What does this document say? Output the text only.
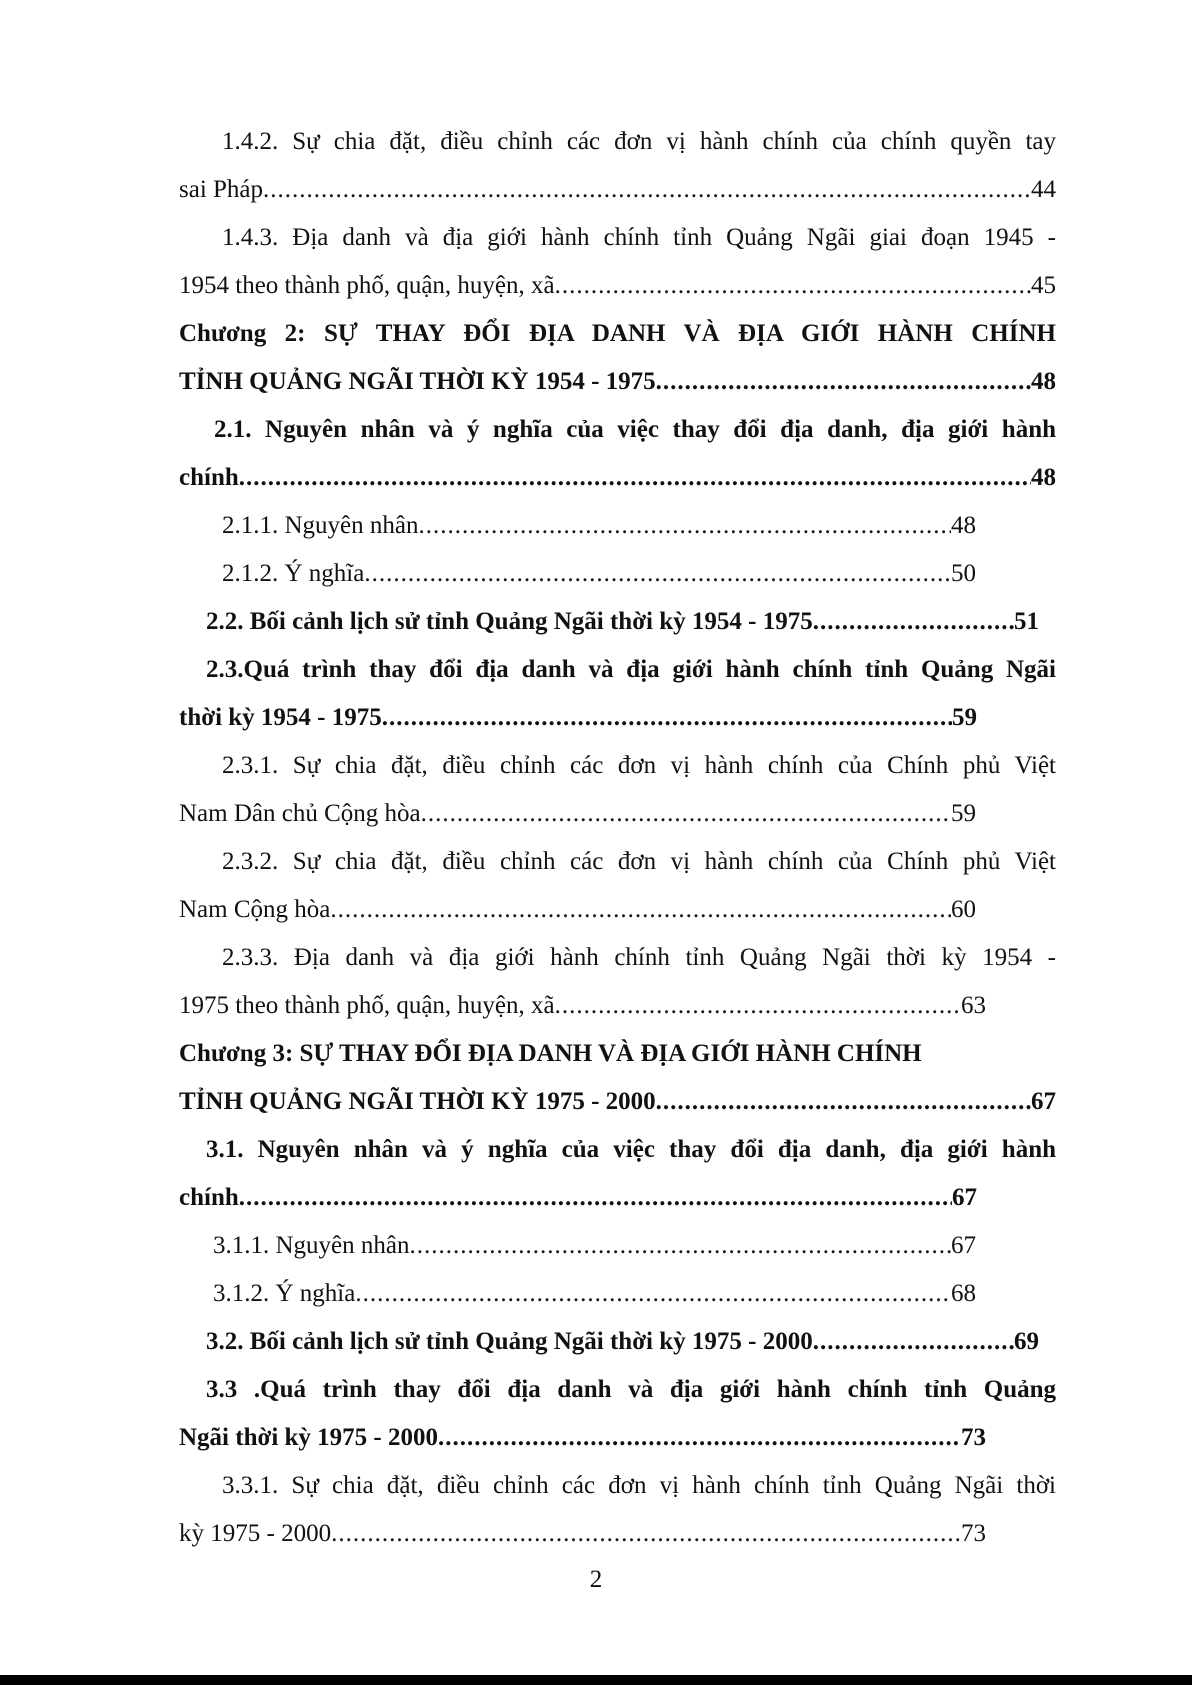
1.4.2. Sự chia đặt, điều chỉnh các đơn vị hành chính của chính quyền tay
sai Pháp .....	44
1.4.3. Địa danh và địa giới hành chính tỉnh Quảng Ngãi giai đoạn 1945 -
1954 theo thành phố, quận, huyện, xã .....	45
Chương 2: SỰ THAY ĐỔI ĐỊA DANH VÀ ĐỊA GIỚI HÀNH CHÍNH
TỈNH QUẢNG NGÃI THỜI KỲ 1954 - 1975 .....	48
2.1. Nguyên nhân và ý nghĩa của việc thay đổi địa danh, địa giới hành
chính .....	48
2.1.1. Nguyên nhân .....	48
2.1.2. Ý nghĩa .....	50
2.2. Bối cảnh lịch sử tỉnh Quảng Ngãi thời kỳ 1954 - 1975 .....	51
2.3.Quá trình thay đổi địa danh và địa giới hành chính tỉnh Quảng Ngãi
thời kỳ 1954 - 1975 .....	59
2.3.1. Sự chia đặt, điều chỉnh các đơn vị hành chính của Chính phủ Việt
Nam Dân chủ Cộng hòa .....	59
2.3.2. Sự chia đặt, điều chỉnh các đơn vị hành chính của Chính phủ Việt
Nam Cộng hòa .....	60
2.3.3. Địa danh và địa giới hành chính tỉnh Quảng Ngãi thời kỳ 1954 -
1975 theo thành phố, quận, huyện, xã .....	63
Chương 3: SỰ THAY ĐỔI ĐỊA DANH VÀ ĐỊA GIỚI HÀNH CHÍNH
TỈNH QUẢNG NGÃI THỜI KỲ 1975 - 2000 .....	67
3.1. Nguyên nhân và ý nghĩa của việc thay đổi địa danh, địa giới hành
chính .....	67
3.1.1. Nguyên nhân .....	67
3.1.2. Ý nghĩa .....	68
3.2. Bối cảnh lịch sử tỉnh Quảng Ngãi thời kỳ 1975 - 2000 .....	69
3.3 .Quá trình thay đổi địa danh và địa giới hành chính tỉnh Quảng
Ngãi thời kỳ 1975 - 2000 .....	73
3.3.1. Sự chia đặt, điều chỉnh các đơn vị hành chính tỉnh Quảng Ngãi thời
kỳ 1975 - 2000 .....	73
2
